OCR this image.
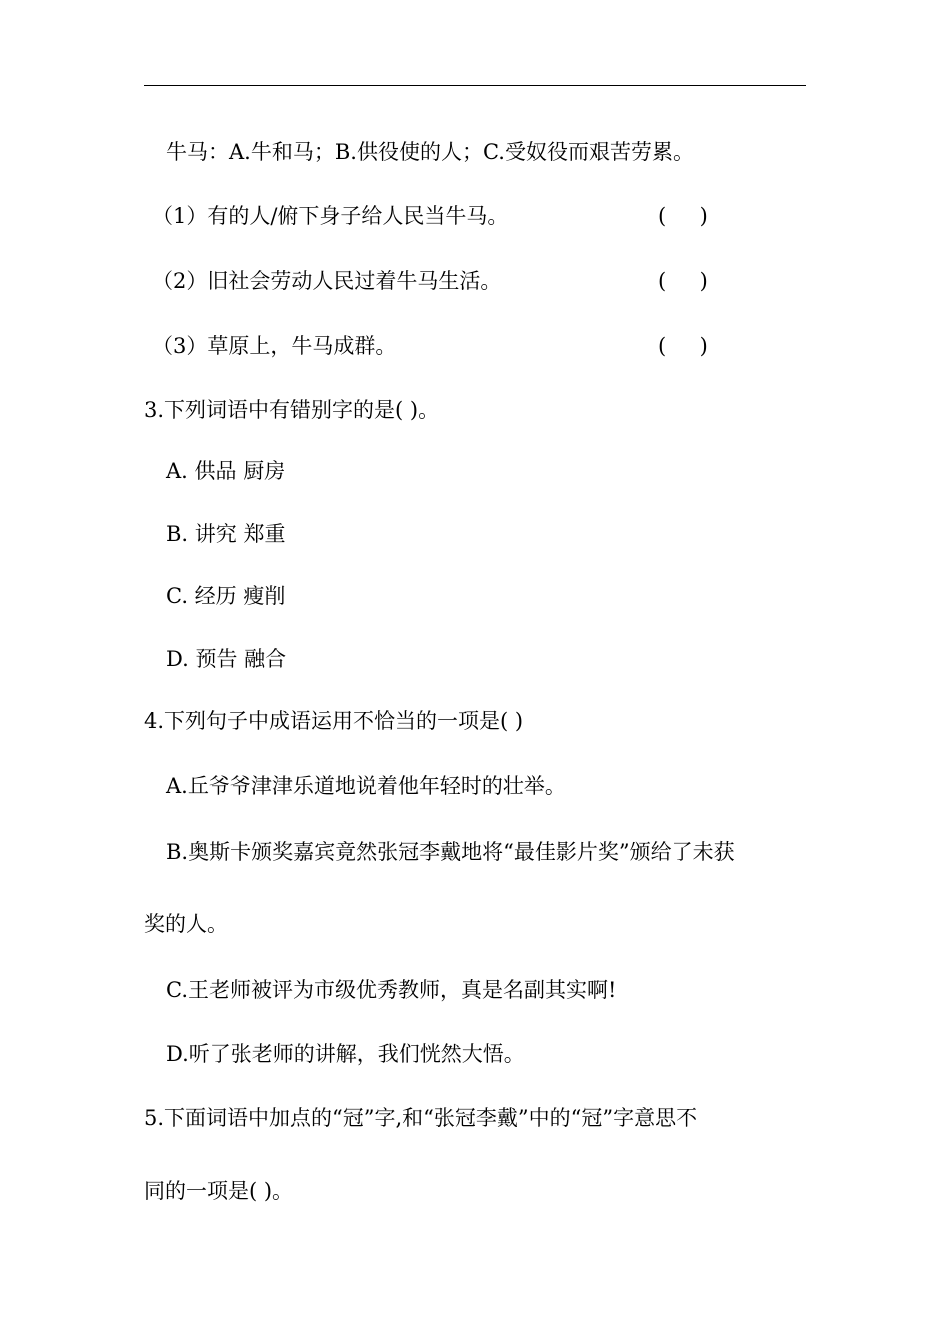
牛马：A.牛和马；B.供役使的人；C.受奴役而艰苦劳累。
（1）有的人/俯下身子给人民当牛马。	(     )
（2）旧社会劳动人民过着牛马生活。	(     )
（3）草原上，牛马成群。	(     )
3.下列词语中有错别字的是( )。
A. 供品 厨房
B. 讲究 郑重
C. 经历 瘦削
D. 预告 融合
4.下列句子中成语运用不恰当的一项是( )
A.丘爷爷津津乐道地说着他年轻时的壮举。
B.奥斯卡颁奖嘉宾竟然张冠李戴地将“最佳影片奖”颁给了未获
奖的人。
C.王老师被评为市级优秀教师，真是名副其实啊!
D.听了张老师的讲解，我们恍然大悟。
5.下面词语中加点的“冠”字,和“张冠李戴”中的“冠”字意思不
同的一项是( )。
